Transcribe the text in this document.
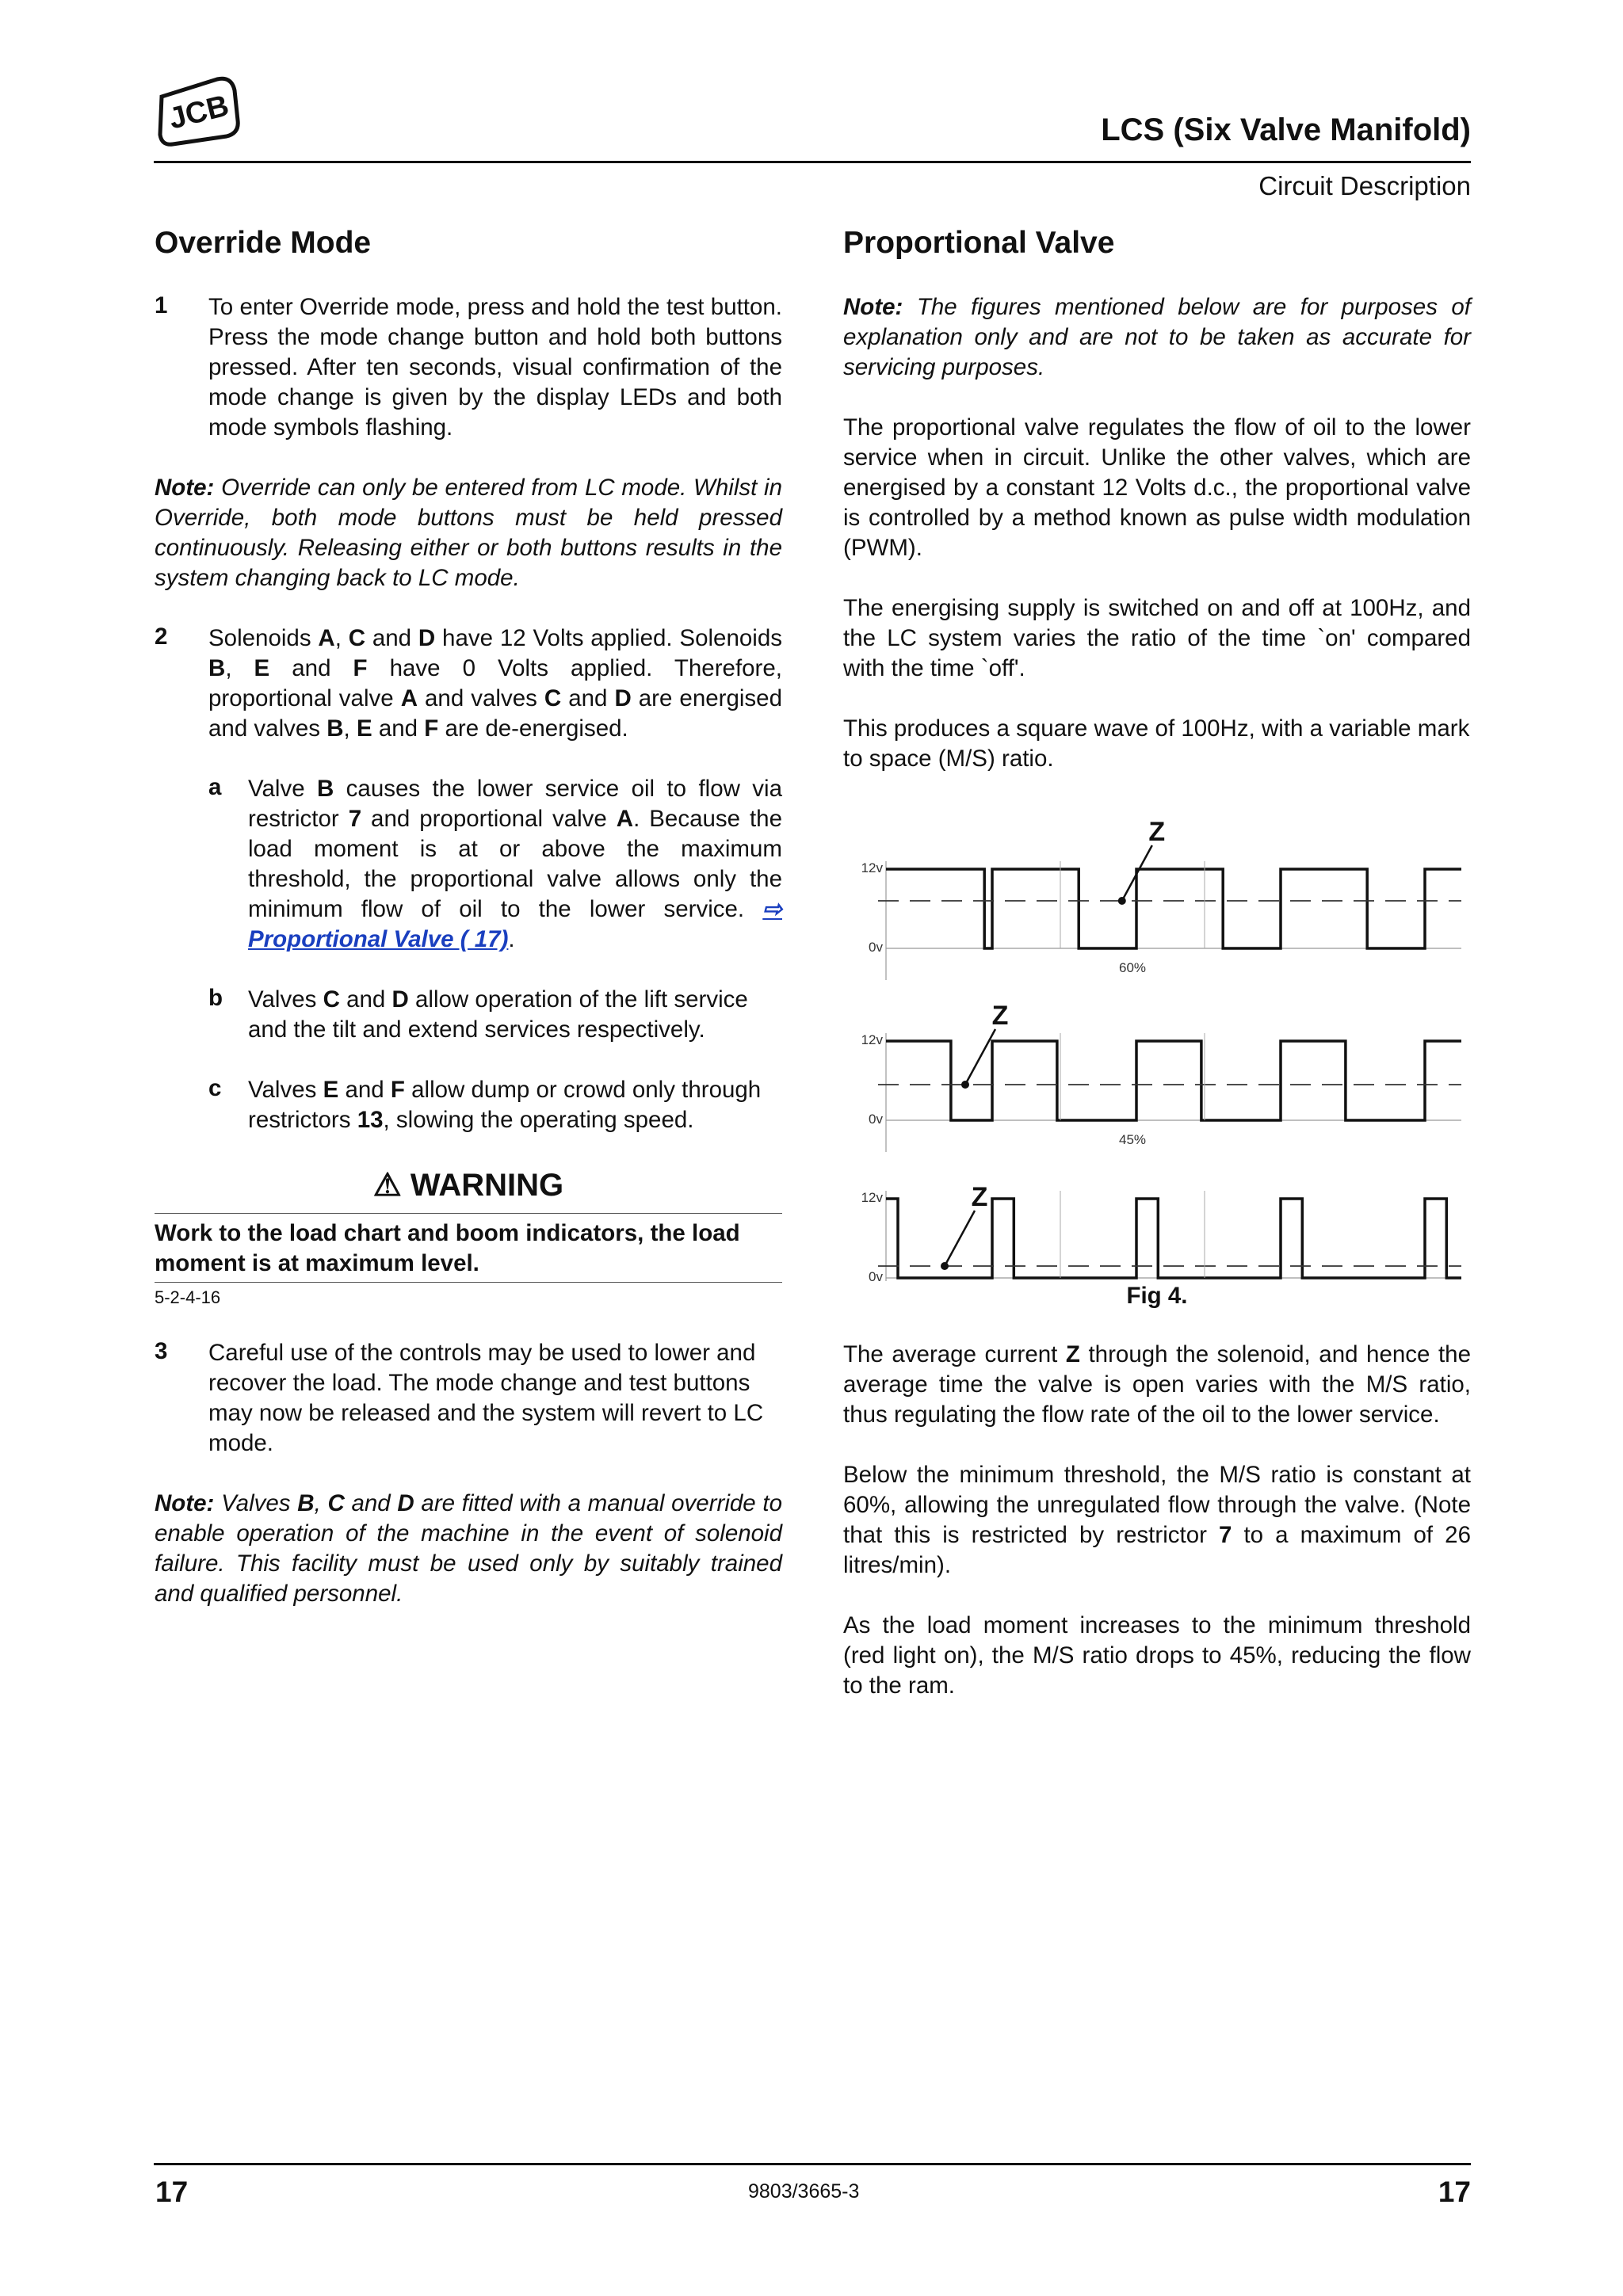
JCB	LCS (Six Valve Manifold)
Circuit Description
Override Mode
1 To enter Override mode, press and hold the test button. Press the mode change button and hold both buttons pressed. After ten seconds, visual confirmation of the mode change is given by the display LEDs and both mode symbols flashing.

Note: Override can only be entered from LC mode. Whilst in Override, both mode buttons must be held pressed continuously. Releasing either or both buttons results in the system changing back to LC mode.

2 Solenoids A, C and D have 12 Volts applied. Solenoids B, E and F have 0 Volts applied. Therefore, proportional valve A and valves C and D are energised and valves B, E and F are de-energised.

a Valve B causes the lower service oil to flow via restrictor 7 and proportional valve A. Because the load moment is at or above the maximum threshold, the proportional valve allows only the minimum flow of oil to the lower service. ⇨ Proportional Valve ( 17).

b Valves C and D allow operation of the lift service and the tilt and extend services respectively.

c Valves E and F allow dump or crowd only through restrictors 13, slowing the operating speed.

⚠ WARNING

Work to the load chart and boom indicators, the load moment is at maximum level.

5-2-4-16

3 Careful use of the controls may be used to lower and recover the load. The mode change and test buttons may now be released and the system will revert to LC mode.

Note: Valves B, C and D are fitted with a manual override to enable operation of the machine in the event of solenoid failure. This facility must be used only by suitably trained and qualified personnel.

Proportional Valve

Note: The figures mentioned below are for purposes of explanation only and are not to be taken as accurate for servicing purposes.

The proportional valve regulates the flow of oil to the lower service when in circuit. Unlike the other valves, which are energised by a constant 12 Volts d.c., the proportional valve is controlled by a method known as pulse width modulation (PWM).

The energising supply is switched on and off at 100Hz, and the LC system varies the ratio of the time `on' compared with the time `off'.

This produces a square wave of 100Hz, with a variable mark to space (M/S) ratio.

12v
0v
60%
Z
12v
0v
45%
Z
12v
0v
Z

Fig 4.

The average current Z through the solenoid, and hence the average time the valve is open varies with the M/S ratio, thus regulating the flow rate of the oil to the lower service.

Below the minimum threshold, the M/S ratio is constant at 60%, allowing the unregulated flow through the valve. (Note that this is restricted by restrictor 7 to a maximum of 26 litres/min).

As the load moment increases to the minimum threshold (red light on), the M/S ratio drops to 45%, reducing the flow to the ram.

17	9803/3665-3	17
